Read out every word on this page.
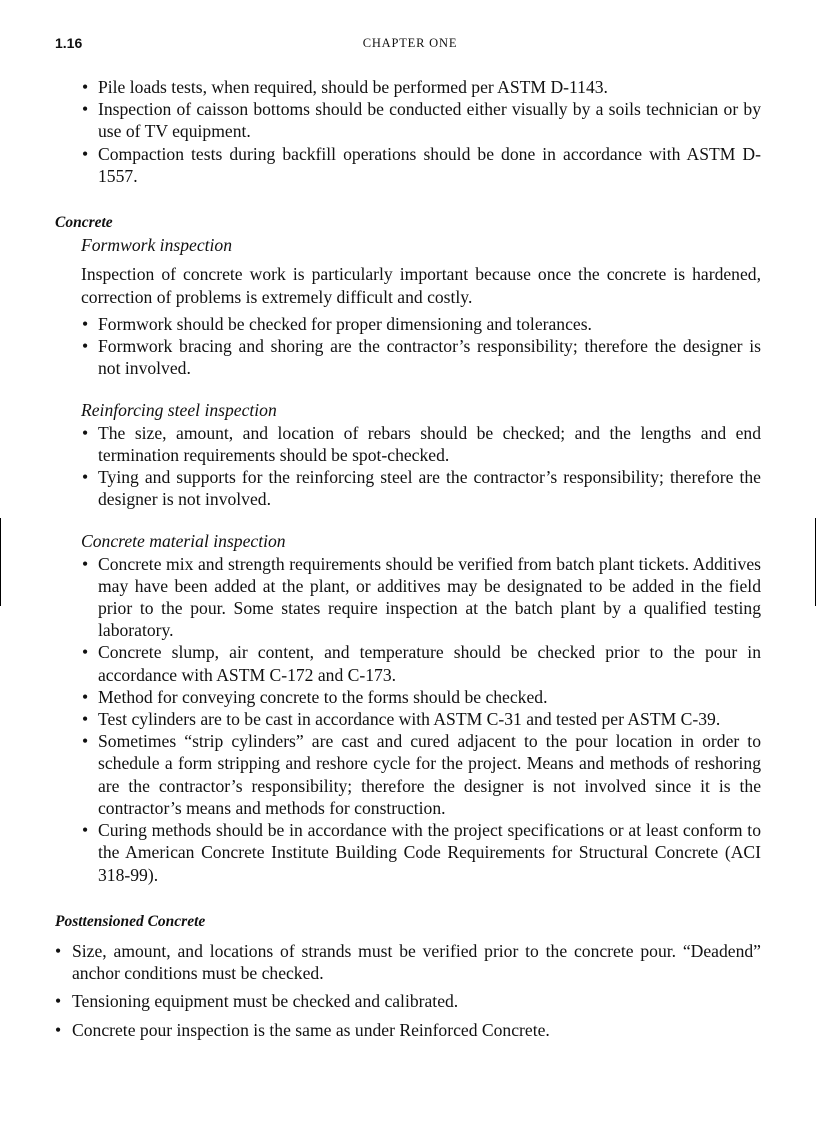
1.16	CHAPTER ONE
• Pile loads tests, when required, should be performed per ASTM D-1143.
• Inspection of caisson bottoms should be conducted either visually by a soils technician or by use of TV equipment.
• Compaction tests during backfill operations should be done in accordance with ASTM D-1557.
Concrete
Formwork inspection
Inspection of concrete work is particularly important because once the concrete is hardened, correction of problems is extremely difficult and costly.
• Formwork should be checked for proper dimensioning and tolerances.
• Formwork bracing and shoring are the contractor’s responsibility; therefore the designer is not involved.
Reinforcing steel inspection
• The size, amount, and location of rebars should be checked; and the lengths and end termination requirements should be spot-checked.
• Tying and supports for the reinforcing steel are the contractor’s responsibility; therefore the designer is not involved.
Concrete material inspection
• Concrete mix and strength requirements should be verified from batch plant tickets. Additives may have been added at the plant, or additives may be designated to be added in the field prior to the pour. Some states require inspection at the batch plant by a qualified testing laboratory.
• Concrete slump, air content, and temperature should be checked prior to the pour in accordance with ASTM C-172 and C-173.
• Method for conveying concrete to the forms should be checked.
• Test cylinders are to be cast in accordance with ASTM C-31 and tested per ASTM C-39.
• Sometimes “strip cylinders” are cast and cured adjacent to the pour location in order to schedule a form stripping and reshore cycle for the project. Means and methods of reshoring are the contractor’s responsibility; therefore the designer is not involved since it is the contractor’s means and methods for construction.
• Curing methods should be in accordance with the project specifications or at least conform to the American Concrete Institute Building Code Requirements for Structural Concrete (ACI 318-99).
Posttensioned Concrete
• Size, amount, and locations of strands must be verified prior to the concrete pour. “Deadend” anchor conditions must be checked.
• Tensioning equipment must be checked and calibrated.
• Concrete pour inspection is the same as under Reinforced Concrete.
